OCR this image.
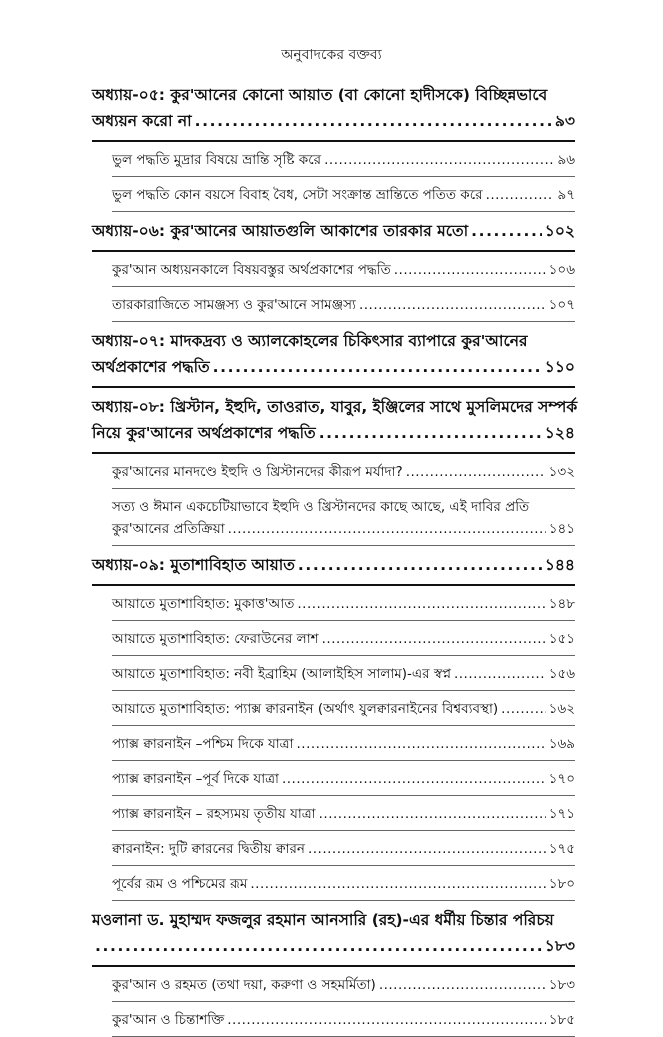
অনুবাদকের বক্তব্য
অধ্যায়-০৫: কুর'আনের কোনো আয়াত (বা কোনো হাদীসকে) বিচ্ছিন্নভাবে
অধ্যয়ন করো না .....	৯৩
ভুল পদ্ধতি মুদ্রার বিষয়ে ভ্রান্তি সৃষ্টি করে .....	৯৬
ভুল পদ্ধতি কোন বয়সে বিবাহ বৈধ, সেটা সংক্রান্ত ভ্রান্তিতে পতিত করে .....	৯৭
অধ্যায়-০৬: কুর'আনের আয়াতগুলি আকাশের তারকার মতো .....	১০২
কুর'আন অধ্যয়নকালে বিষয়বস্তুর অর্থপ্রকাশের পদ্ধতি .....	১০৬
তারকারাজিতে সামঞ্জস্য ও কুর'আনে সামঞ্জস্য .....	১০৭
অধ্যায়-০৭: মাদকদ্রব্য ও অ্যালকোহলের চিকিৎসার ব্যাপারে কুর'আনের
অর্থপ্রকাশের পদ্ধতি .....	১১০
অধ্যায়-০৮: খ্রিস্টান, ইহুদি, তাওরাত, যাবুর, ইঞ্জিলের সাথে মুসলিমদের সম্পর্ক
নিয়ে কুর'আনের অর্থপ্রকাশের পদ্ধতি .....	১২৪
কুর'আনের মানদণ্ডে ইহুদি ও খ্রিস্টানদের কীরূপ মর্যাদা? .....	১৩২
সত্য ও ঈমান একচেটিয়াভাবে ইহুদি ও খ্রিস্টানদের কাছে আছে, এই দাবির প্রতি
কুর'আনের প্রতিক্রিয়া .....	১৪১
অধ্যায়-০৯: মুতাশাবিহাত আয়াত .....	১৪৪
আয়াতে মুতাশাবিহাত: মুকাত্ত'আত .....	১৪৮
আয়াতে মুতাশাবিহাত: ফেরাউনের লাশ .....	১৫১
আয়াতে মুতাশাবিহাত: নবী ইব্রাহিম (আলাইহিস সালাম)-এর স্বপ্ন .....	১৫৬
আয়াতে মুতাশাবিহাত: প্যাক্স ক্বারনাইন (অর্থাৎ যুলক্বারনাইনের বিশ্বব্যবস্থা) .....	১৬২
প্যাক্স ক্বারনাইন –পশ্চিম দিকে যাত্রা .....	১৬৯
প্যাক্স ক্বারনাইন –পূর্ব দিকে যাত্রা .....	১৭০
প্যাক্স ক্বারনাইন – রহস্যময় তৃতীয় যাত্রা .....	১৭১
ক্বারনাইন: দুটি ক্বারনের দ্বিতীয় ক্বারন .....	১৭৫
পূর্বের রূম ও পশ্চিমের রূম .....	১৮০
মওলানা ড. মুহাম্মদ ফজলুর রহমান আনসারি (রহ)-এর ধর্মীয় চিন্তার পরিচয়
.....
১৮৩
কুর'আন ও রহমত (তথা দয়া, করুণা ও সহমর্মিতা) .....	১৮৩
কুর'আন ও চিন্তাশক্তি .....	১৮৫
